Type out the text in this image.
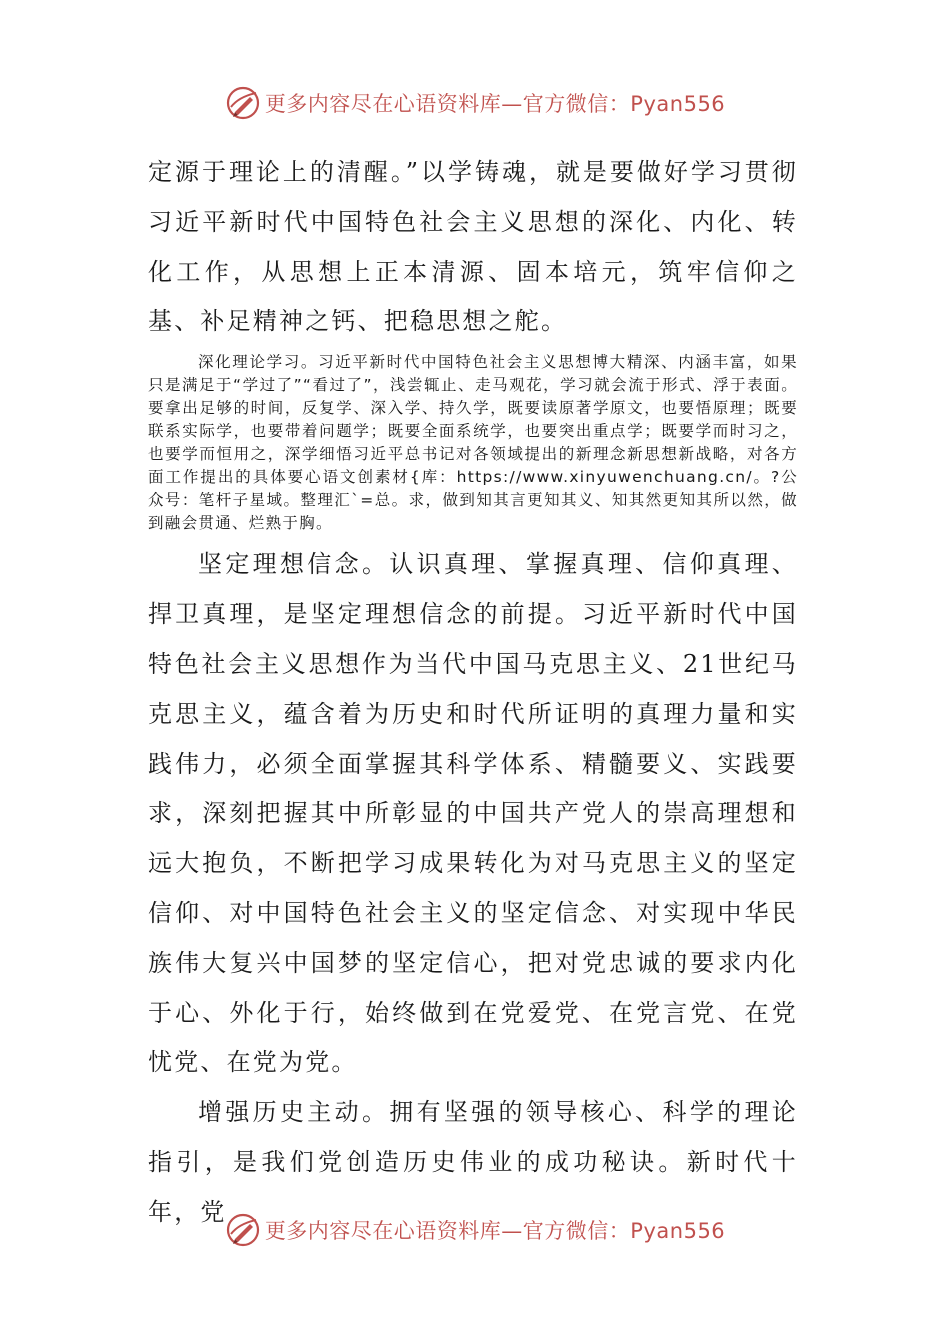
更多内容尽在心语资料库—官方微信：Pyan556

定源于理论上的清醒。”以学铸魂，就是要做好学习贯彻习近平新时代中国特色社会主义思想的深化、内化、转化工作，从思想上正本清源、固本培元，筑牢信仰之基、补足精神之钙、把稳思想之舵。

深化理论学习。习近平新时代中国特色社会主义思想博大精深、内涵丰富，如果只是满足于“学过了”“看过了”，浅尝辄止、走马观花，学习就会流于形式、浮于表面。要拿出足够的时间，反复学、深入学、持久学，既要读原著学原文，也要悟原理；既要联系实际学，也要带着问题学；既要全面系统学，也要突出重点学；既要学而时习之，也要学而恒用之，深学细悟习近平总书记对各领域提出的新理念新思想新战略，对各方面工作提出的具体要心语文创素材{库：https://www.xinyuwenchuang.cn/。?公众号：笔杆子星域。整理汇`=总。求，做到知其言更知其义、知其然更知其所以然，做到融会贯通、烂熟于胸。

坚定理想信念。认识真理、掌握真理、信仰真理、捍卫真理，是坚定理想信念的前提。习近平新时代中国特色社会主义思想作为当代中国马克思主义、21世纪马克思主义，蕴含着为历史和时代所证明的真理力量和实践伟力，必须全面掌握其科学体系、精髓要义、实践要求，深刻把握其中所彰显的中国共产党人的崇高理想和远大抱负，不断把学习成果转化为对马克思主义的坚定信仰、对中国特色社会主义的坚定信念、对实现中华民族伟大复兴中国梦的坚定信心，把对党忠诚的要求内化于心、外化于行，始终做到在党爱党、在党言党、在党忧党、在党为党。

增强历史主动。拥有坚强的领导核心、科学的理论指引，是我们党创造历史伟业的成功秘诀。新时代十年，党

更多内容尽在心语资料库—官方微信：Pyan556
